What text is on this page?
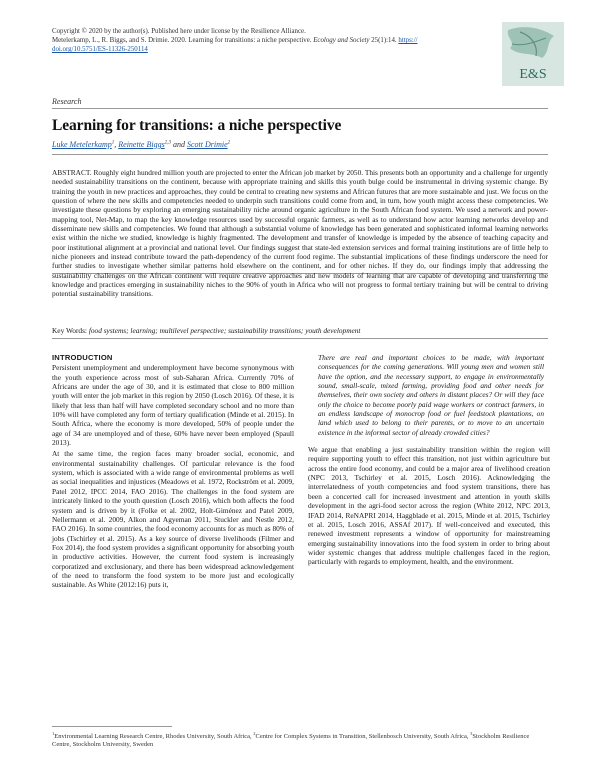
Copyright © 2020 by the author(s). Published here under license by the Resilience Alliance.
Metelerkamp, L., R. Biggs, and S. Drimie. 2020. Learning for transitions: a niche perspective. Ecology and Society 25(1):14. https://
doi.org/10.5751/ES-11326-250114
E&S
Research
Learning for transitions: a niche perspective
Luke Metelerkamp$^1$, Reinette Biggs$^{2,3}$ and Scott Drimie$^2$

ABSTRACT. Roughly eight hundred million youth are projected to enter the African job market by 2050. This presents both an opportunity and a challenge for urgently needed sustainability transitions on the continent, because with appropriate training and skills this youth bulge could be instrumental in driving systemic change. By training the youth in new practices and approaches, they could be central to creating new systems and African futures that are more sustainable and just. We focus on the question of where the new skills and competencies needed to underpin such transitions could come from and, in turn, how youth might access these competencies. We investigate these questions by exploring an emerging sustainability niche around organic agriculture in the South African food system. We used a network and power-mapping tool, Net-Map, to map the key knowledge resources used by successful organic farmers, as well as to understand how actor learning networks develop and disseminate new skills and competencies. We found that although a substantial volume of knowledge has been generated and sophisticated informal learning networks exist within the niche we studied, knowledge is highly fragmented. The development and transfer of knowledge is impeded by the absence of teaching capacity and poor institutional alignment at a provincial and national level. Our findings suggest that state-led extension services and formal training institutions are of little help to niche pioneers and instead contribute toward the path-dependency of the current food regime. The substantial implications of these findings underscore the need for further studies to investigate whether similar patterns hold elsewhere on the continent, and for other niches. If they do, our findings imply that addressing the sustainability challenges on the African continent will require creative approaches and new models of learning that are capable of developing and transferring the knowledge and practices emerging in sustainability niches to the 90% of youth in Africa who will not progress to formal tertiary training but will be central to driving potential sustainability transitions.

Key Words: food systems; learning; multilevel perspective; sustainability transitions; youth development
INTRODUCTION

Persistent unemployment and underemployment have become synonymous with the youth experience across most of sub-Saharan Africa. Currently 70% of Africans are under the age of 30, and it is estimated that close to 800 million youth will enter the job market in this region by 2050 (Losch 2016). Of these, it is likely that less than half will have completed secondary school and no more than 10% will have completed any form of tertiary qualification (Minde et al. 2015). In South Africa, where the economy is more developed, 50% of people under the age of 34 are unemployed and of these, 60% have never been employed (Spaull 2013).

At the same time, the region faces many broader social, economic, and environmental sustainability challenges. Of particular relevance is the food system, which is associated with a wide range of environmental problems as well as social inequalities and injustices (Meadows et al. 1972, Rockström et al. 2009, Patel 2012, IPCC 2014, FAO 2016). The challenges in the food system are intricately linked to the youth question (Losch 2016), which both affects the food system and is driven by it (Folke et al. 2002, Holt-Giménez and Patel 2009, Nellermann et al. 2009, Alkon and Agyeman 2011, Stuckler and Nestle 2012, FAO 2016). In some countries, the food economy accounts for as much as 80% of jobs (Tschirley et al. 2015). As a key source of diverse livelihoods (Filmer and Fox 2014), the food system provides a significant opportunity for absorbing youth in productive activities. However, the current food system is increasingly corporatized and exclusionary, and there has been widespread acknowledgement of the need to transform the food system to be more just and ecologically sustainable. As White (2012:16) puts it,

There are real and important choices to be made, with important consequences for the coming generations. Will young men and women still have the option, and the necessary support, to engage in environmentally sound, small-scale, mixed farming, providing food and other needs for themselves, their own society and others in distant places? Or will they face only the choice to become poorly paid wage workers or contract farmers, in an endless landscape of monocrop food or fuel feedstock plantations, on land which used to belong to their parents, or to move to an uncertain existence in the informal sector of already crowded cities?

We argue that enabling a just sustainability transition within the region will require supporting youth to effect this transition, not just within agriculture but across the entire food economy, and could be a major area of livelihood creation (NPC 2013, Tschirley et al. 2015, Losch 2016). Acknowledging the interrelatedness of youth competencies and food system transitions, there has been a concerted call for increased investment and attention in youth skills development in the agri-food sector across the region (White 2012, NPC 2013, IFAD 2014, ReNAPRI 2014, Haggblade et al. 2015, Minde et al. 2015, Tschirley et al. 2015, Losch 2016, ASSAf 2017). If well-conceived and executed, this renewed investment represents a window of opportunity for mainstreaming emerging sustainability innovations into the food system in order to bring about wider systemic changes that address multiple challenges faced in the region, particularly with regards to employment, health, and the environment.

$^1$Environmental Learning Research Centre, Rhodes University, South Africa, $^2$Centre for Complex Systems in Transition, Stellenbosch University, South Africa, $^3$Stockholm Resilience Centre, Stockholm University, Sweden
